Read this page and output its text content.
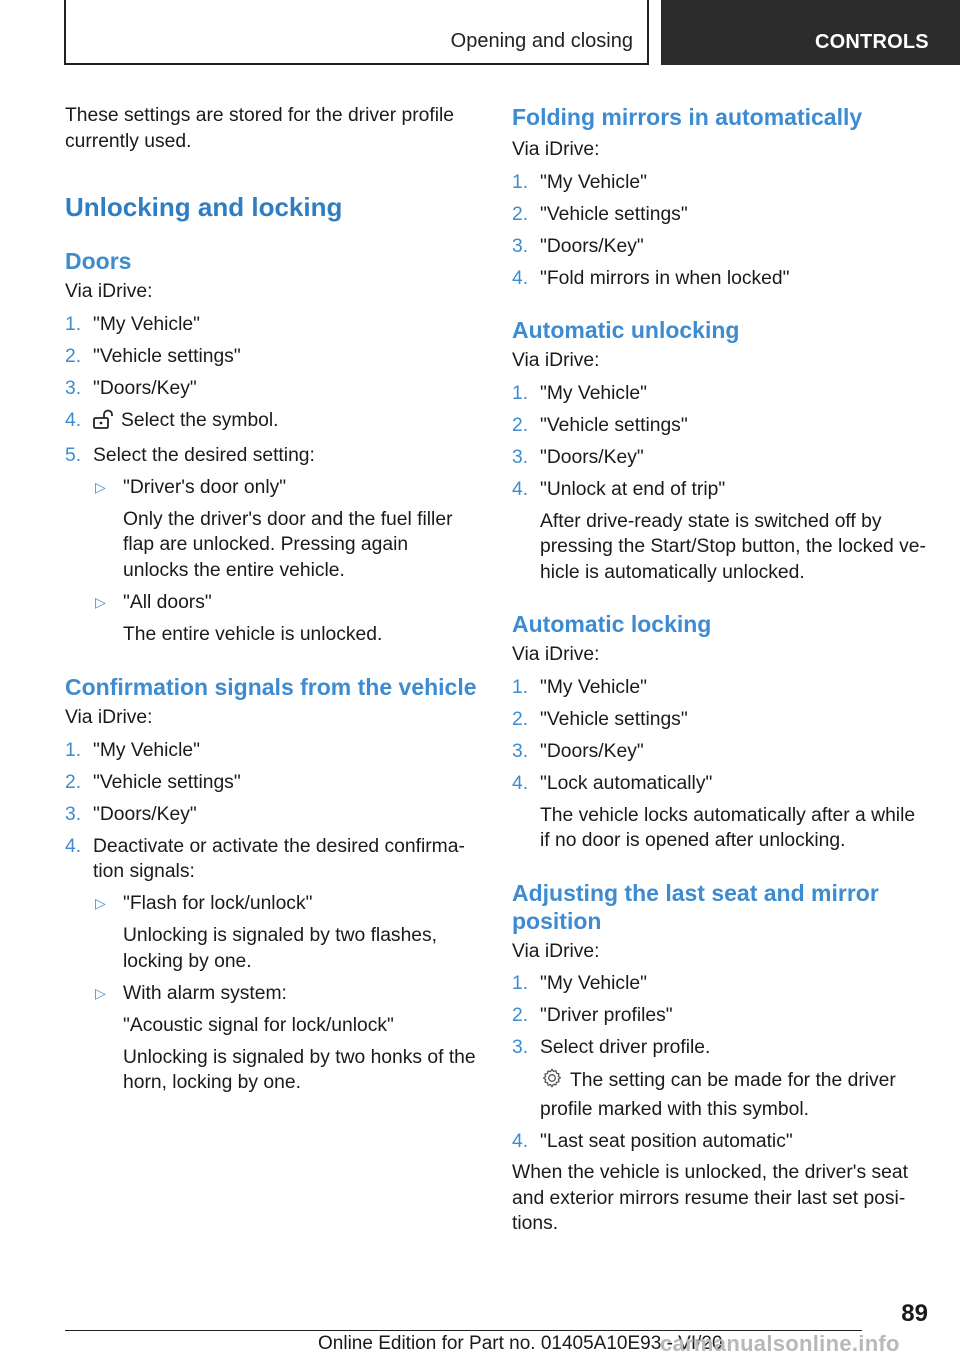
Opening and closing	CONTROLS

These settings are stored for the driver profile currently used.

Unlocking and locking
Doors

Via iDrive:

1. "My Vehicle"
2. "Vehicle settings"
3. "Doors/Key"
4. Select the symbol.
5. Select the desired setting:
▷ "Driver's door only"
Only the driver's door and the fuel filler flap are unlocked. Pressing again unlocks the entire vehicle.
▷ "All doors"
The entire vehicle is unlocked.
Confirmation signals from the vehicle

Via iDrive:

1. "My Vehicle"
2. "Vehicle settings"
3. "Doors/Key"
4. Deactivate or activate the desired confirmation signals:
▷ "Flash for lock/unlock"
Unlocking is signaled by two flashes, locking by one.
▷ With alarm system:
"Acoustic signal for lock/unlock"
Unlocking is signaled by two honks of the horn, locking by one.
Folding mirrors in automatically

Via iDrive:

1. "My Vehicle"
2. "Vehicle settings"
3. "Doors/Key"
4. "Fold mirrors in when locked"
Automatic unlocking

Via iDrive:

1. "My Vehicle"
2. "Vehicle settings"
3. "Doors/Key"
4. "Unlock at end of trip"
After drive-ready state is switched off by pressing the Start/Stop button, the locked vehicle is automatically unlocked.
Automatic locking

Via iDrive:

1. "My Vehicle"
2. "Vehicle settings"
3. "Doors/Key"
4. "Lock automatically"
The vehicle locks automatically after a while if no door is opened after unlocking.
Adjusting the last seat and mirror position

Via iDrive:

1. "My Vehicle"
2. "Driver profiles"
3. Select driver profile.
The setting can be made for the driver profile marked with this symbol.
4. "Last seat position automatic"

When the vehicle is unlocked, the driver's seat and exterior mirrors resume their last set positions.

89
Online Edition for Part no. 01405A10E93 - VI/20
carmanualsonline.info
